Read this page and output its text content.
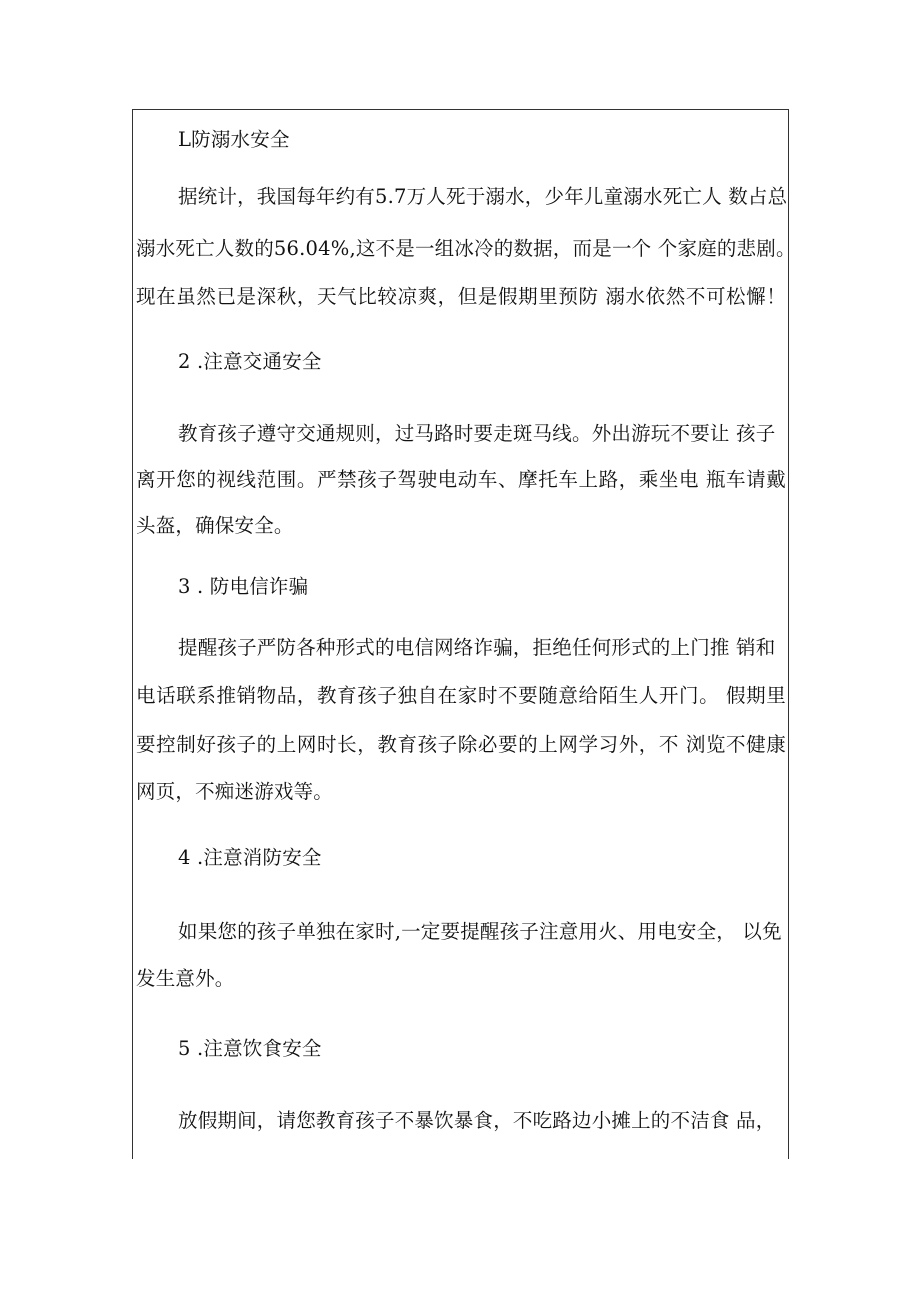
L防溺水安全
据统计，我国每年约有5.7万人死于溺水，少年儿童溺水死亡人 数占总
溺水死亡人数的56.04%,这不是一组冰冷的数据，而是一个 个家庭的悲剧。
现在虽然已是深秋，天气比较凉爽，但是假期里预防 溺水依然不可松懈！
2 .注意交通安全
教育孩子遵守交通规则，过马路时要走斑马线。外出游玩不要让 孩子
离开您的视线范围。严禁孩子驾驶电动车、摩托车上路，乘坐电 瓶车请戴
头盔，确保安全。
3 . 防电信诈骗
提醒孩子严防各种形式的电信网络诈骗，拒绝任何形式的上门推 销和
电话联系推销物品，教育孩子独自在家时不要随意给陌生人开门。 假期里
要控制好孩子的上网时长，教育孩子除必要的上网学习外，不 浏览不健康
网页，不痴迷游戏等。
4 .注意消防安全
如果您的孩子单独在家时,一定要提醒孩子注意用火、用电安全， 以免
发生意外。
5 .注意饮食安全
放假期间，请您教育孩子不暴饮暴食，不吃路边小摊上的不洁食 品，
